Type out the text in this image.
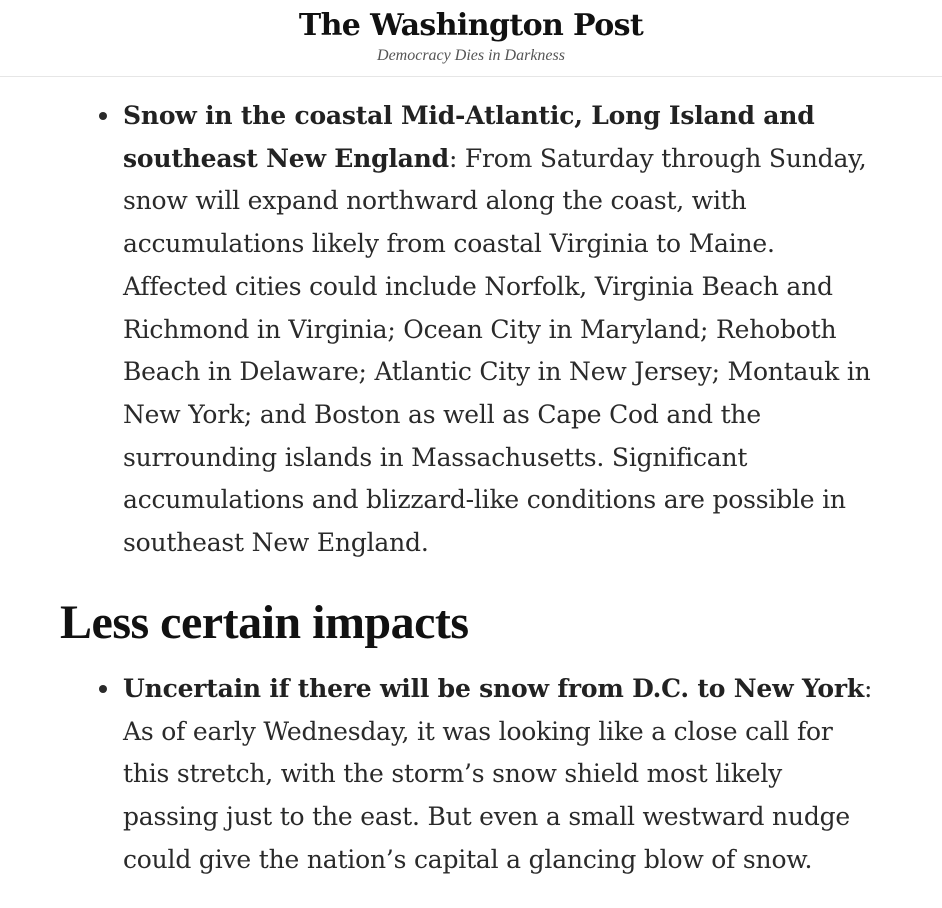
The Washington Post
Democracy Dies in Darkness
Snow in the coastal Mid-Atlantic, Long Island and southeast New England: From Saturday through Sunday, snow will expand northward along the coast, with accumulations likely from coastal Virginia to Maine. Affected cities could include Norfolk, Virginia Beach and Richmond in Virginia; Ocean City in Maryland; Rehoboth Beach in Delaware; Atlantic City in New Jersey; Montauk in New York; and Boston as well as Cape Cod and the surrounding islands in Massachusetts. Significant accumulations and blizzard-like conditions are possible in southeast New England.
Less certain impacts
Uncertain if there will be snow from D.C. to New York: As of early Wednesday, it was looking like a close call for this stretch, with the storm’s snow shield most likely passing just to the east. But even a small westward nudge could give the nation’s capital a glancing blow of snow.
